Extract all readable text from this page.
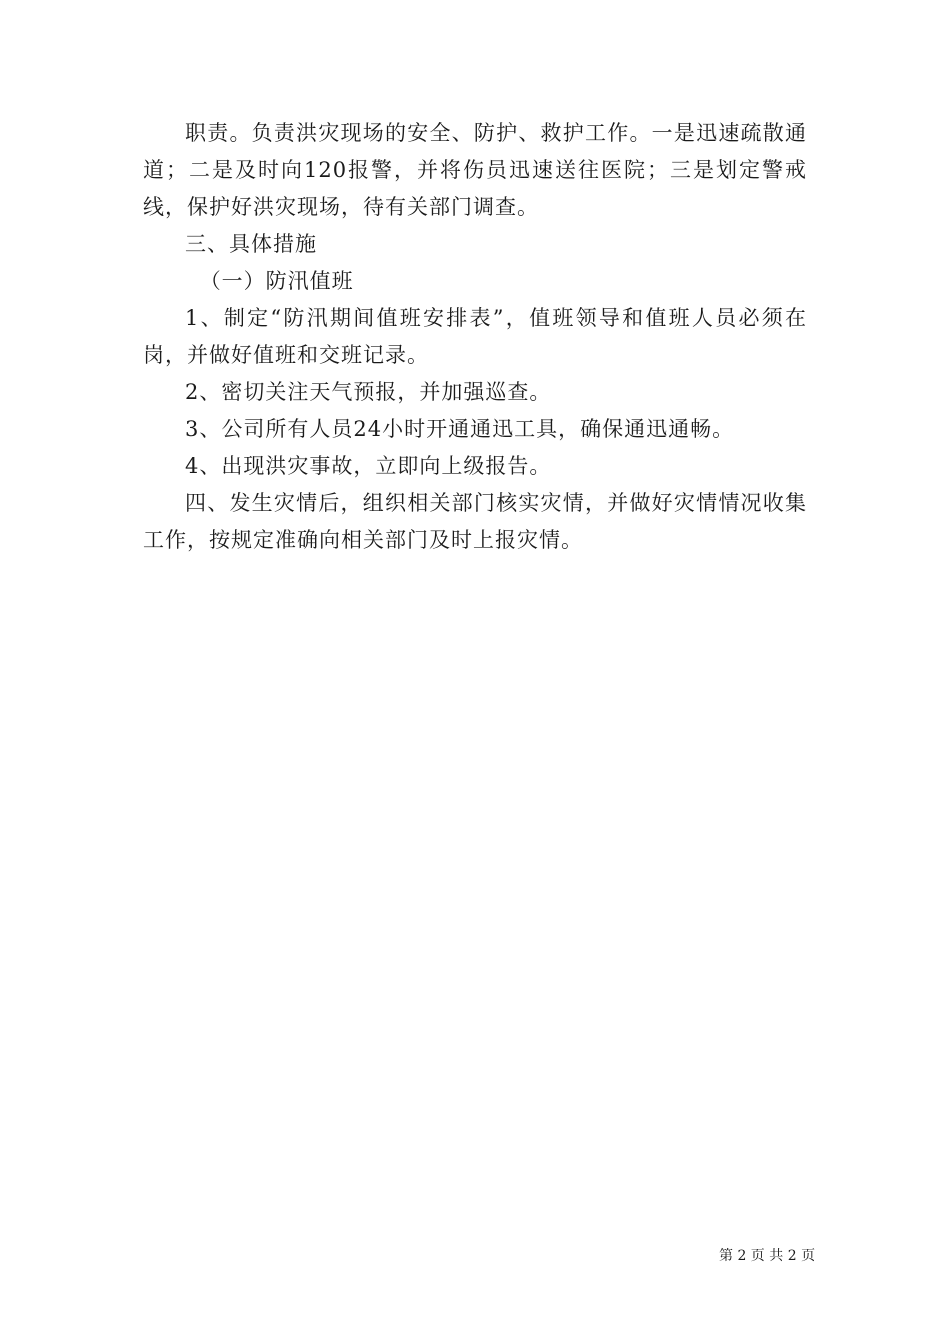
职责。负责洪灾现场的安全、防护、救护工作。一是迅速疏散通道；二是及时向120报警，并将伤员迅速送往医院；三是划定警戒线，保护好洪灾现场，待有关部门调查。

三、具体措施

（一）防汛值班

1、制定“防汛期间值班安排表”，值班领导和值班人员必须在岗，并做好值班和交班记录。

2、密切关注天气预报，并加强巡查。

3、公司所有人员24小时开通通迅工具，确保通迅通畅。

4、出现洪灾事故，立即向上级报告。

四、发生灾情后，组织相关部门核实灾情，并做好灾情情况收集工作，按规定准确向相关部门及时上报灾情。

第 2 页 共 2 页
